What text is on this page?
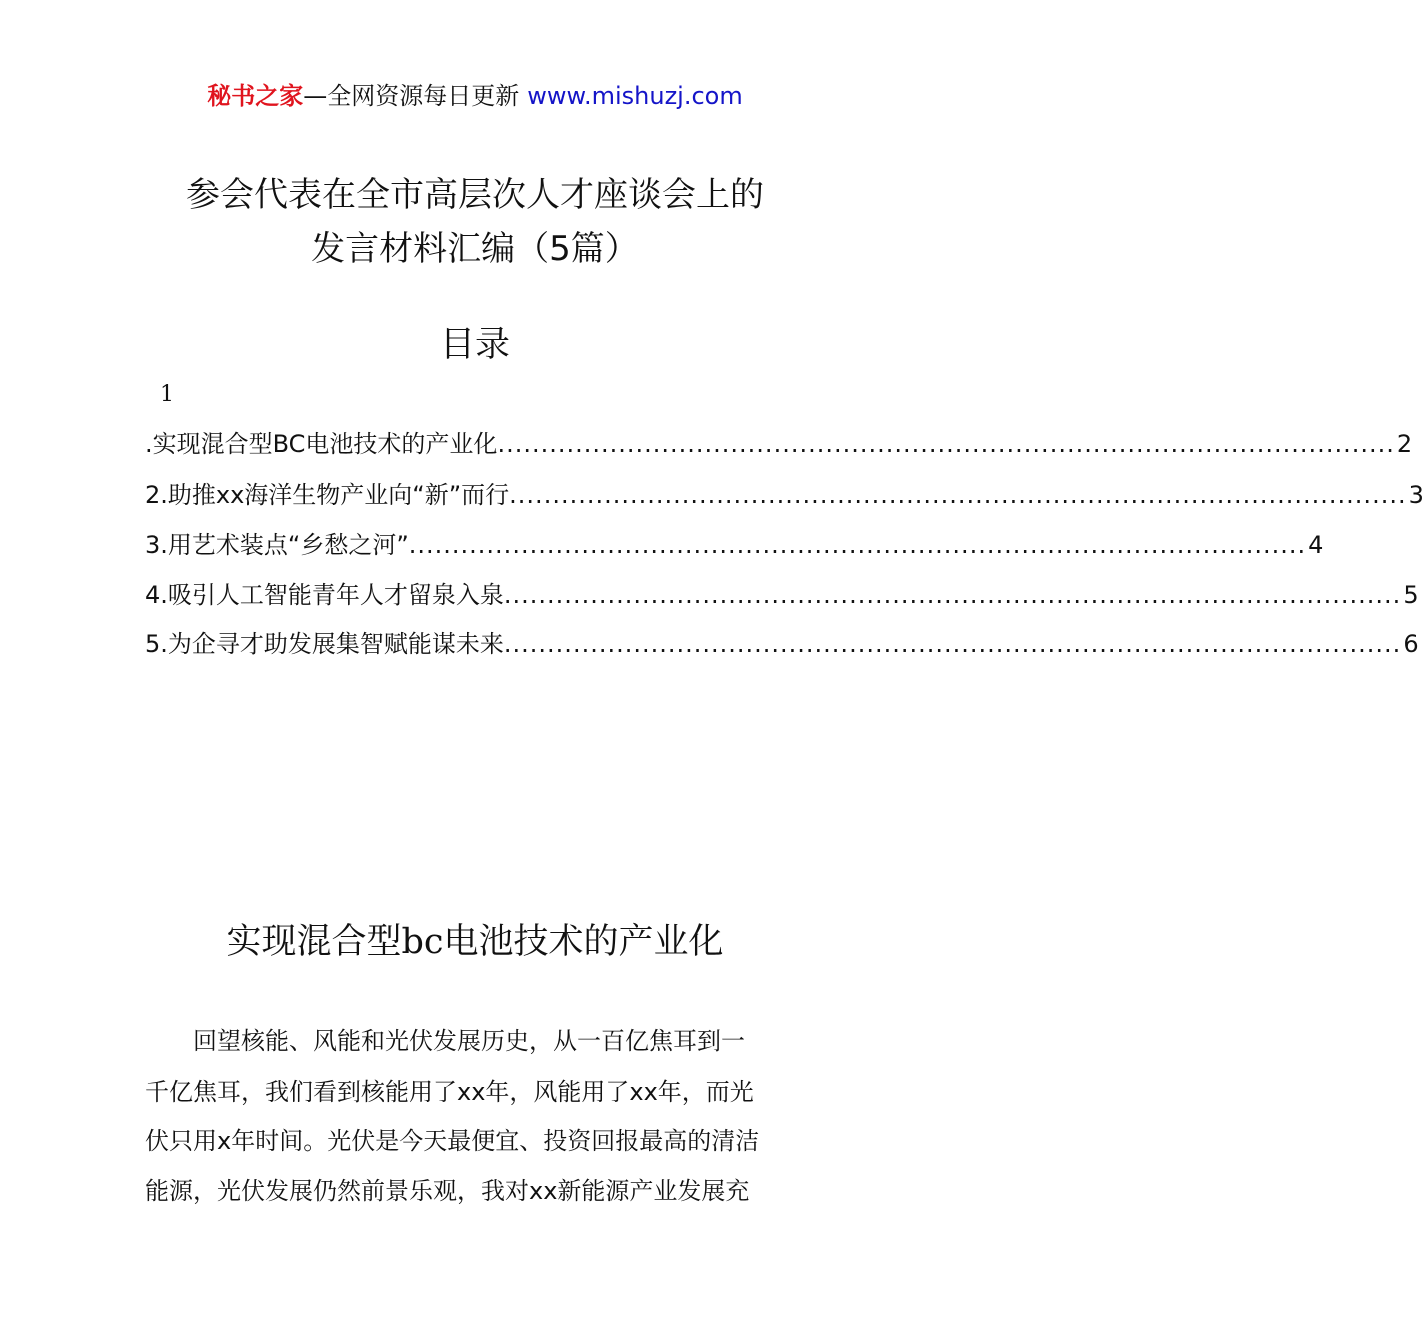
秘书之家—全网资源每日更新 www.mishuzj.com
参会代表在全市高层次人才座谈会上的
发言材料汇编（5篇）
目录
1
.实现混合型BC电池技术的产业化 ........................................................................................................ 2
2.助推xx海洋生物产业向“新”而行 ........................................................................................................ 3
3.用艺术装点“乡愁之河” ........................................................................................................ 4
4.吸引人工智能青年人才留泉入泉 ........................................................................................................ 5
5.为企寻才助发展集智赋能谋未来 ........................................................................................................ 6
实现混合型bc电池技术的产业化
　　回望核能、风能和光伏发展历史，从一百亿焦耳到一
千亿焦耳，我们看到核能用了xx年，风能用了xx年，而光
伏只用x年时间。光伏是今天最便宜、投资回报最高的清洁
能源，光伏发展仍然前景乐观，我对xx新能源产业发展充
